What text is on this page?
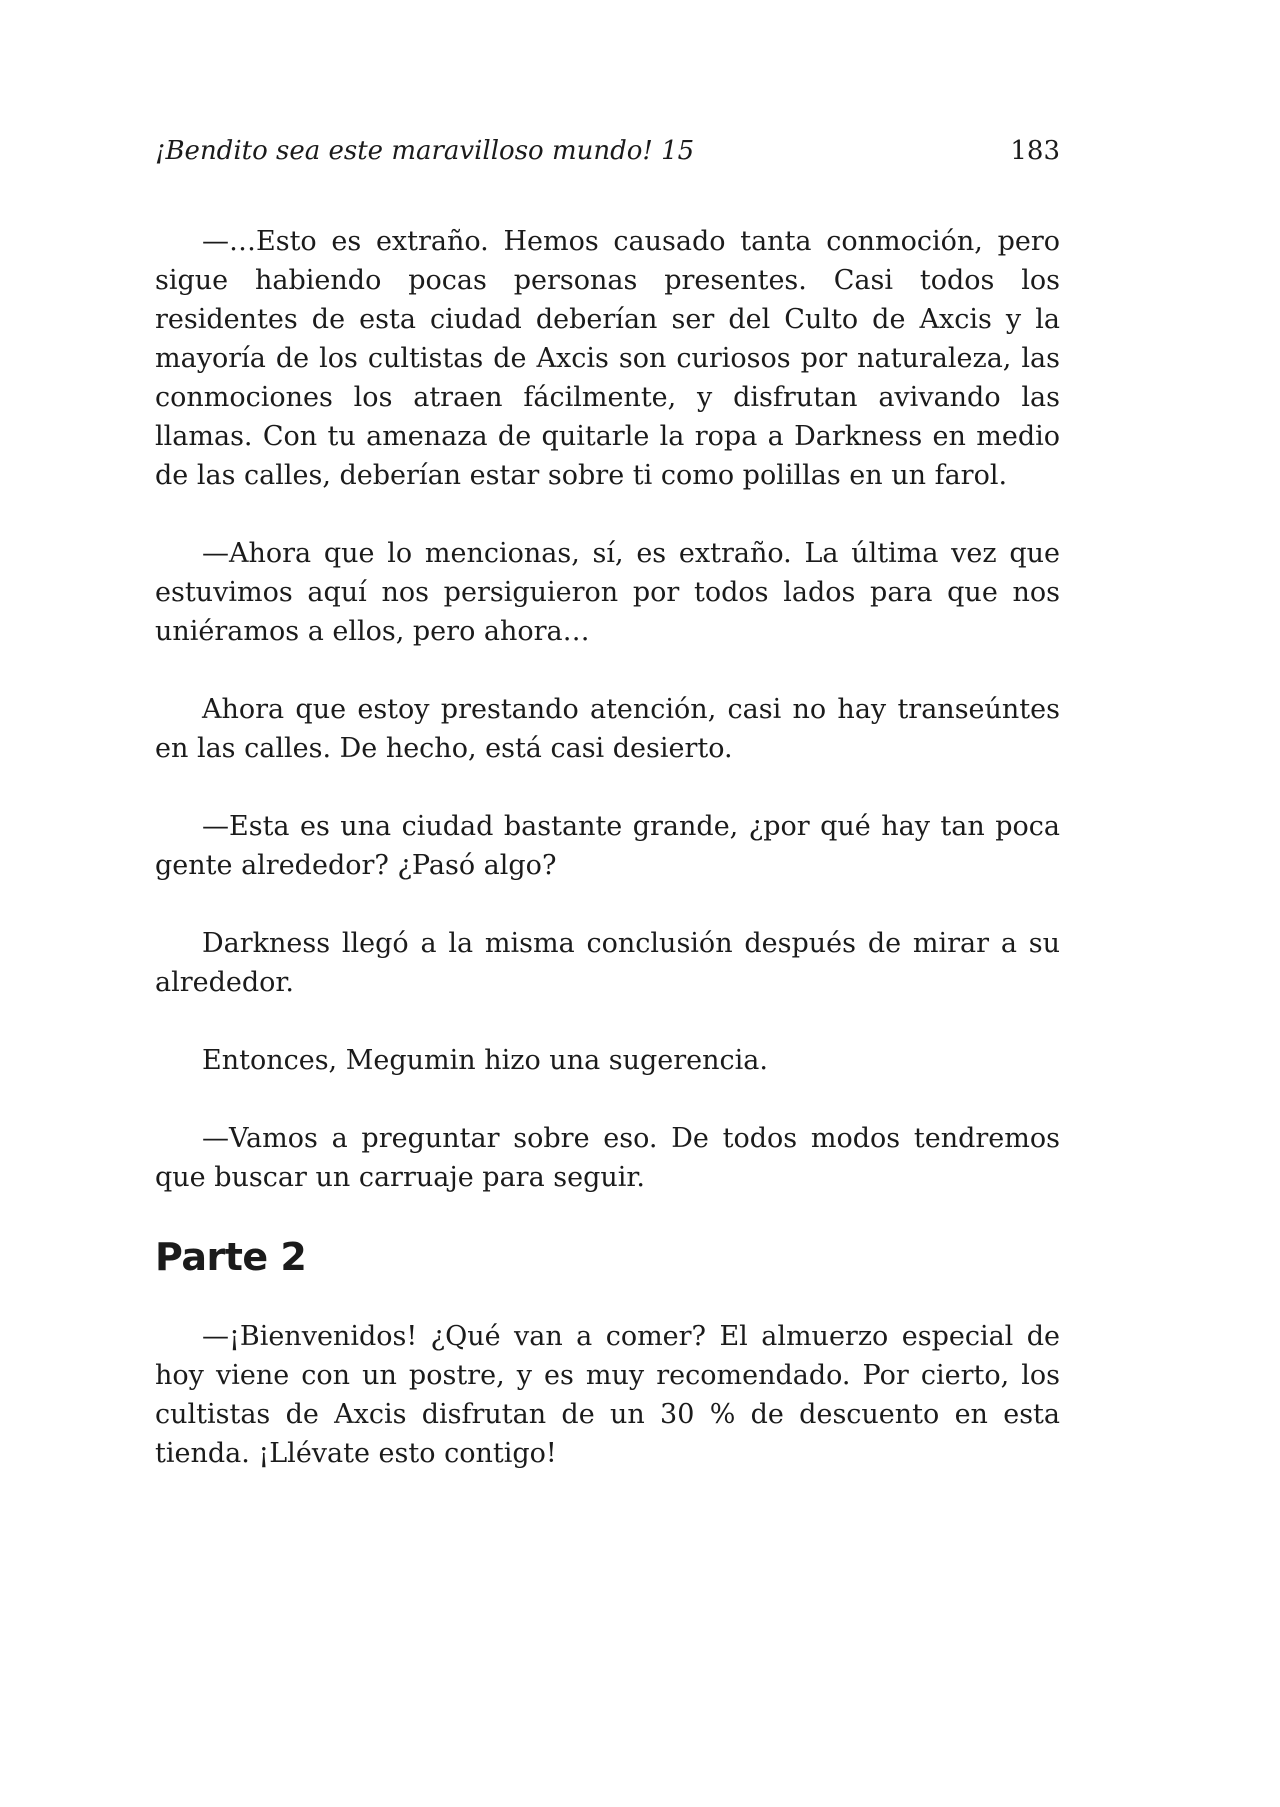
¡Bendito sea este maravilloso mundo! 15	183

—…Esto es extraño. Hemos causado tanta conmoción, pero sigue habiendo pocas personas presentes. Casi todos los residentes de esta ciudad deberían ser del Culto de Axcis y la mayoría de los cultistas de Axcis son curiosos por naturaleza, las conmociones los atraen fácilmente, y disfrutan avivando las llamas. Con tu amenaza de quitarle la ropa a Darkness en medio de las calles, deberían estar sobre ti como polillas en un farol.

—Ahora que lo mencionas, sí, es extraño. La última vez que estuvimos aquí nos persiguieron por todos lados para que nos uniéramos a ellos, pero ahora…

Ahora que estoy prestando atención, casi no hay transeúntes en las calles. De hecho, está casi desierto.

—Esta es una ciudad bastante grande, ¿por qué hay tan poca gente alrededor? ¿Pasó algo?

Darkness llegó a la misma conclusión después de mirar a su alrededor.

Entonces, Megumin hizo una sugerencia.

—Vamos a preguntar sobre eso. De todos modos tendremos que buscar un carruaje para seguir.

Parte 2

—¡Bienvenidos! ¿Qué van a comer? El almuerzo especial de hoy viene con un postre, y es muy recomendado. Por cierto, los cultistas de Axcis disfrutan de un 30 % de descuento en esta tienda. ¡Llévate esto contigo!
